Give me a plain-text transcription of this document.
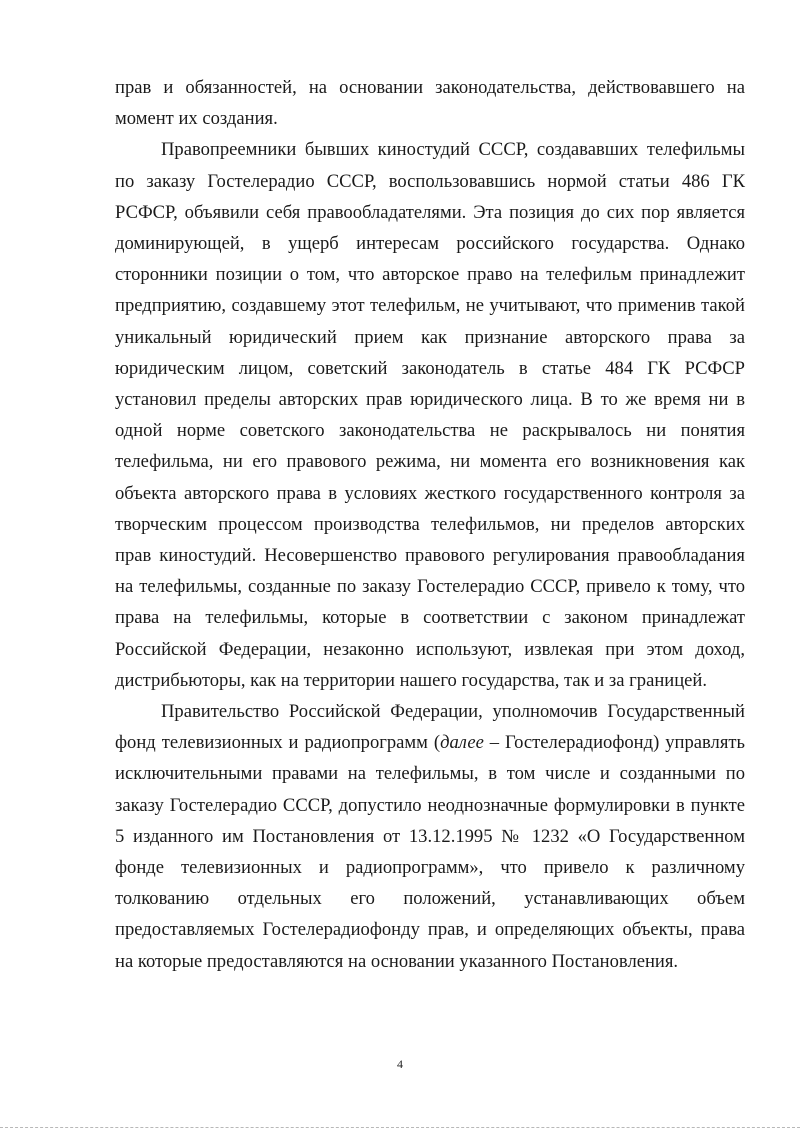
прав и обязанностей, на основании законодательства, действовавшего на момент их создания.

Правопреемники бывших киностудий СССР, создававших телефильмы по заказу Гостелерадио СССР, воспользовавшись нормой статьи 486 ГК РСФСР, объявили себя правообладателями. Эта позиция до сих пор является доминирующей, в ущерб интересам российского государства. Однако сторонники позиции о том, что авторское право на телефильм принадлежит предприятию, создавшему этот телефильм, не учитывают, что применив такой уникальный юридический прием как признание авторского права за юридическим лицом, советский законодатель в статье 484 ГК РСФСР установил пределы авторских прав юридического лица. В то же время ни в одной норме советского законодательства не раскрывалось ни понятия телефильма, ни его правового режима, ни момента его возникновения как объекта авторского права в условиях жесткого государственного контроля за творческим процессом производства телефильмов, ни пределов авторских прав киностудий. Несовершенство правового регулирования правообладания на телефильмы, созданные по заказу Гостелерадио СССР, привело к тому, что права на телефильмы, которые в соответствии с законом принадлежат Российской Федерации, незаконно используют, извлекая при этом доход, дистрибьюторы, как на территории нашего государства, так и за границей.

Правительство Российской Федерации, уполномочив Государственный фонд телевизионных и радиопрограмм (далее – Гостелерадиофонд) управлять исключительными правами на телефильмы, в том числе и созданными по заказу Гостелерадио СССР, допустило неоднозначные формулировки в пункте 5 изданного им Постановления от 13.12.1995 № 1232 «О Государственном фонде телевизионных и радиопрограмм», что привело к различному толкованию отдельных его положений, устанавливающих объем предоставляемых Гостелерадиофонду прав, и определяющих объекты, права на которые предоставляются на основании указанного Постановления.

4
